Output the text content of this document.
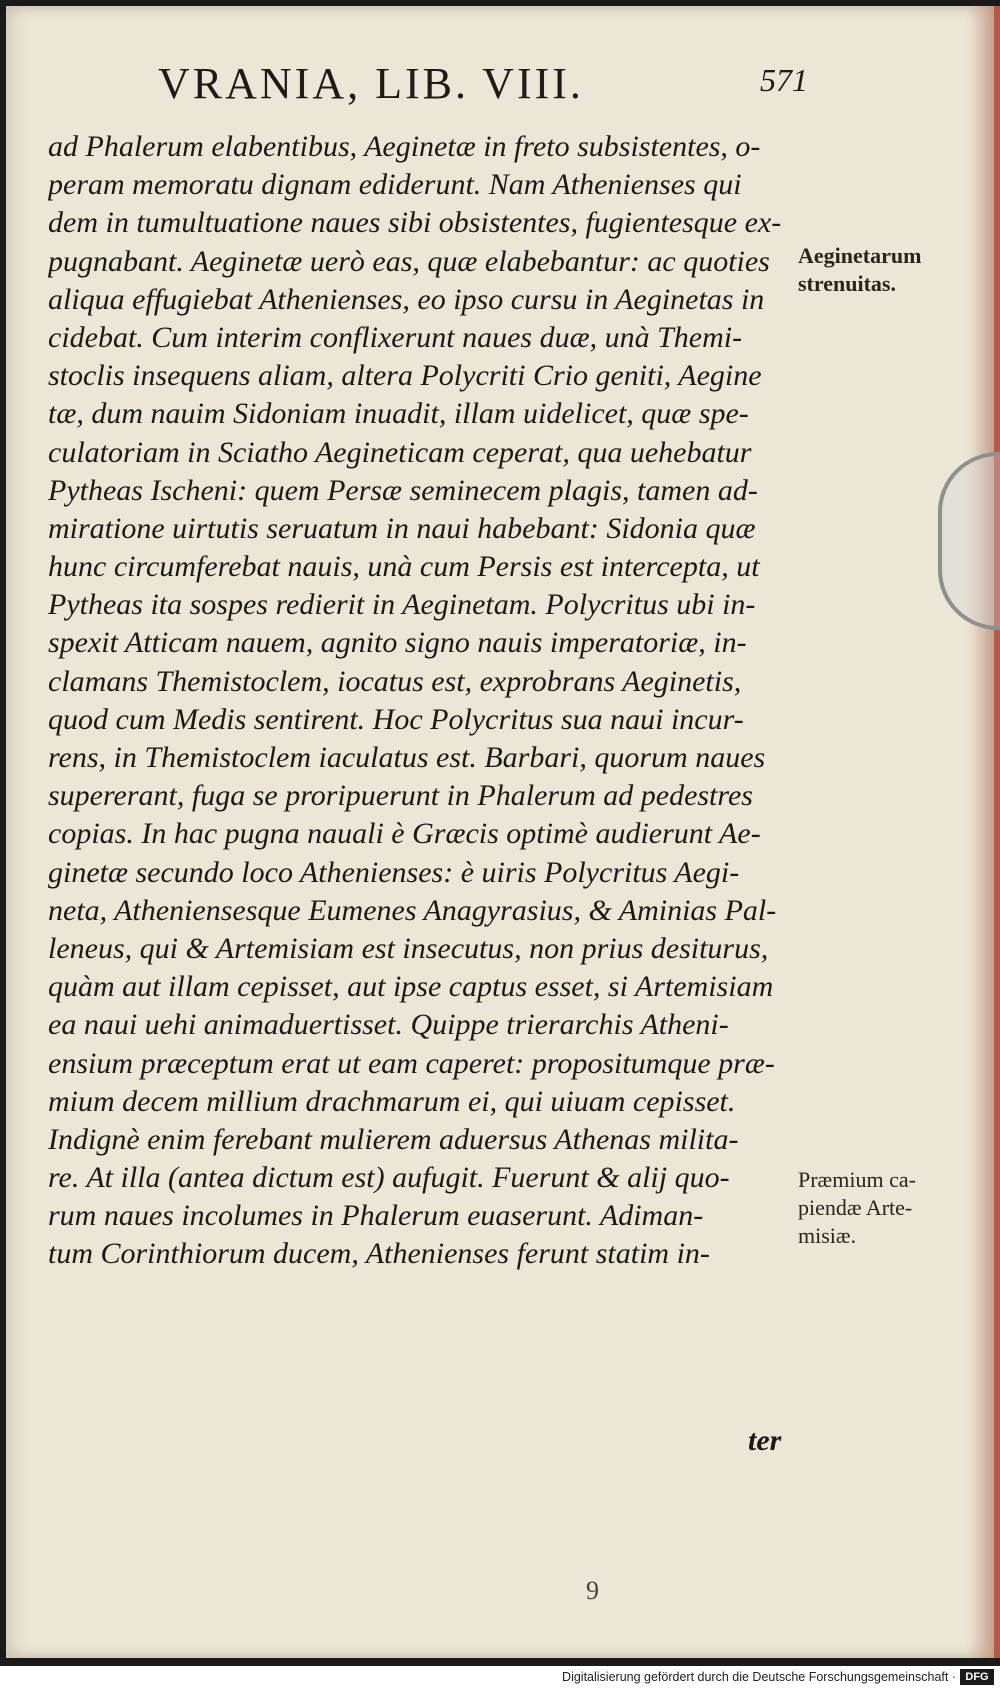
VRANIA, LIB. VIII.	571
ad Phalerum elabentibus, Aeginetæ in freto subsistentes, o-
peram memoratu dignam ediderunt. Nam Athenienses qui
dem in tumultuatione naues sibi obsistentes, fugientesque ex-
pugnabant. Aeginetæ uerò eas, quæ elabebantur: ac quoties
aliqua effugiebat Athenienses, eo ipso cursu in Aeginetas in
cidebat. Cum interim conflixerunt naues duæ, unà Themi-
stoclis insequens aliam, altera Polycriti Crio geniti, Aegine
tæ, dum nauim Sidoniam inuadit, illam uidelicet, quæ spe-
culatoriam in Sciatho Aegineticam ceperat, qua uehebatur
Pytheas Ischeni: quem Persæ seminecem plagis, tamen ad-
miratione uirtutis seruatum in naui habebant: Sidonia quæ
hunc circumferebat nauis, unà cum Persis est intercepta, ut
Pytheas ita sospes redierit in Aeginetam. Polycritus ubi in-
spexit Atticam nauem, agnito signo nauis imperatoriæ, in-
clamans Themistoclem, iocatus est, exprobrans Aeginetis,
quod cum Medis sentirent. Hoc Polycritus sua naui incur-
rens, in Themistoclem iaculatus est. Barbari, quorum naues
supererant, fuga se proripuerunt in Phalerum ad pedestres
copias. In hac pugna nauali è Græcis optimè audierunt Ae-
ginetæ secundo loco Athenienses: è uiris Polycritus Aegi-
neta, Atheniensesque Eumenes Anagyrasius, & Aminias Pal-
leneus, qui & Artemisiam est insecutus, non prius desiturus,
quàm aut illam cepisset, aut ipse captus esset, si Artemisiam
ea naui uehi animaduertisset. Quippe trierarchis Atheni-
ensium præceptum erat ut eam caperet: propositumque præ-
mium decem millium drachmarum ei, qui uiuam cepisset.
Indignè enim ferebant mulierem aduersus Athenas milita-
re. At illa (antea dictum est) aufugit. Fuerunt & alij quo-
rum naues incolumes in Phalerum euaserunt. Adiman-
tum Corinthiorum ducem, Athenienses ferunt statim in-
Aeginetarum
strenuitas.
Præmium ca-
piendæ Arte-
misiæ.
ter
9
Digitalisierung gefördert durch die Deutsche Forschungsgemeinschaft · DFG
